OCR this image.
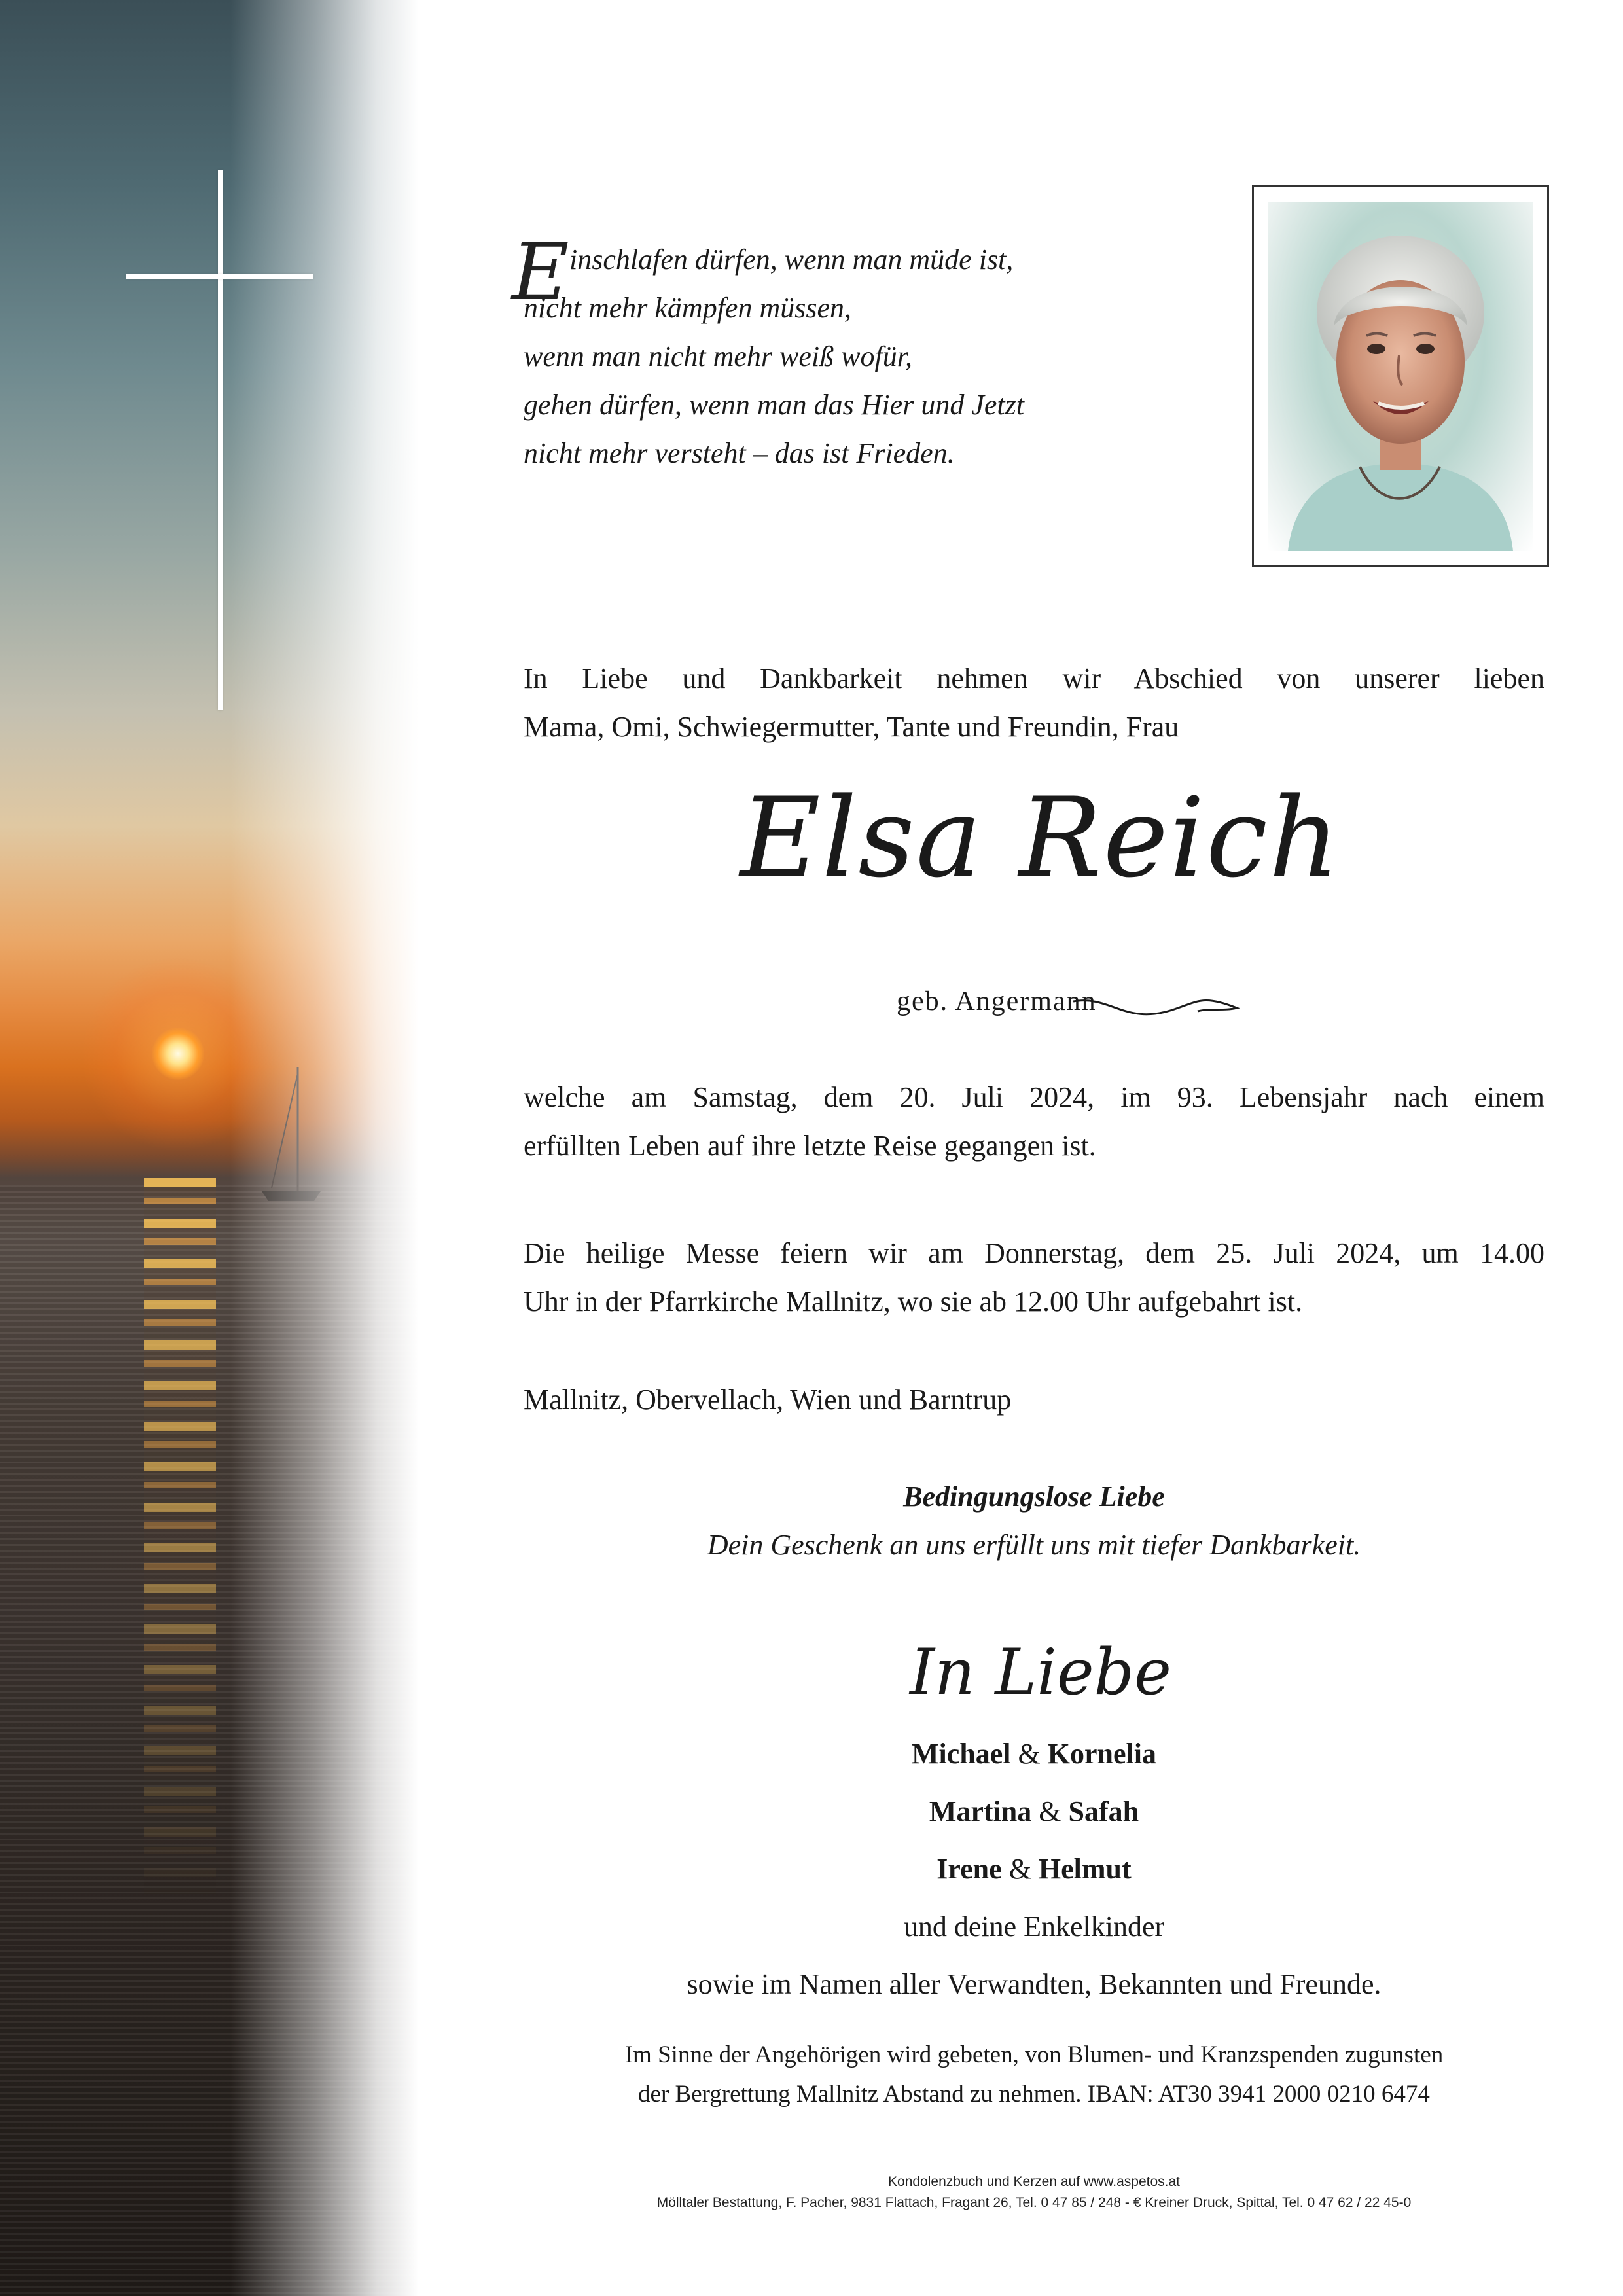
E inschlafen dürfen, wenn man müde ist,
nicht mehr kämpfen müssen,
wenn man nicht mehr weiß wofür,
gehen dürfen, wenn man das Hier und Jetzt
nicht mehr versteht – das ist Frieden.
In Liebe und Dankbarkeit nehmen wir Abschied von unserer lieben
Mama, Omi, Schwiegermutter, Tante und Freundin, Frau
Elsa Reich
geb. Angermann
welche am Samstag, dem 20. Juli 2024, im 93. Lebensjahr nach einem
erfüllten Leben auf ihre letzte Reise gegangen ist.
Die heilige Messe feiern wir am Donnerstag, dem 25. Juli 2024, um 14.00
Uhr in der Pfarrkirche Mallnitz, wo sie ab 12.00 Uhr aufgebahrt ist.
Mallnitz, Obervellach, Wien und Barntrup
Bedingungslose Liebe
Dein Geschenk an uns erfüllt uns mit tiefer Dankbarkeit.
In Liebe
Michael & Kornelia
Martina & Safah
Irene & Helmut
und deine Enkelkinder
sowie im Namen aller Verwandten, Bekannten und Freunde.
Im Sinne der Angehörigen wird gebeten, von Blumen- und Kranzspenden zugunsten
der Bergrettung Mallnitz Abstand zu nehmen. IBAN: AT30 3941 2000 0210 6474
Kondolenzbuch und Kerzen auf www.aspetos.at
Mölltaler Bestattung, F. Pacher, 9831 Flattach, Fragant 26, Tel. 0 47 85 / 248 - € Kreiner Druck, Spittal, Tel. 0 47 62 / 22 45-0
